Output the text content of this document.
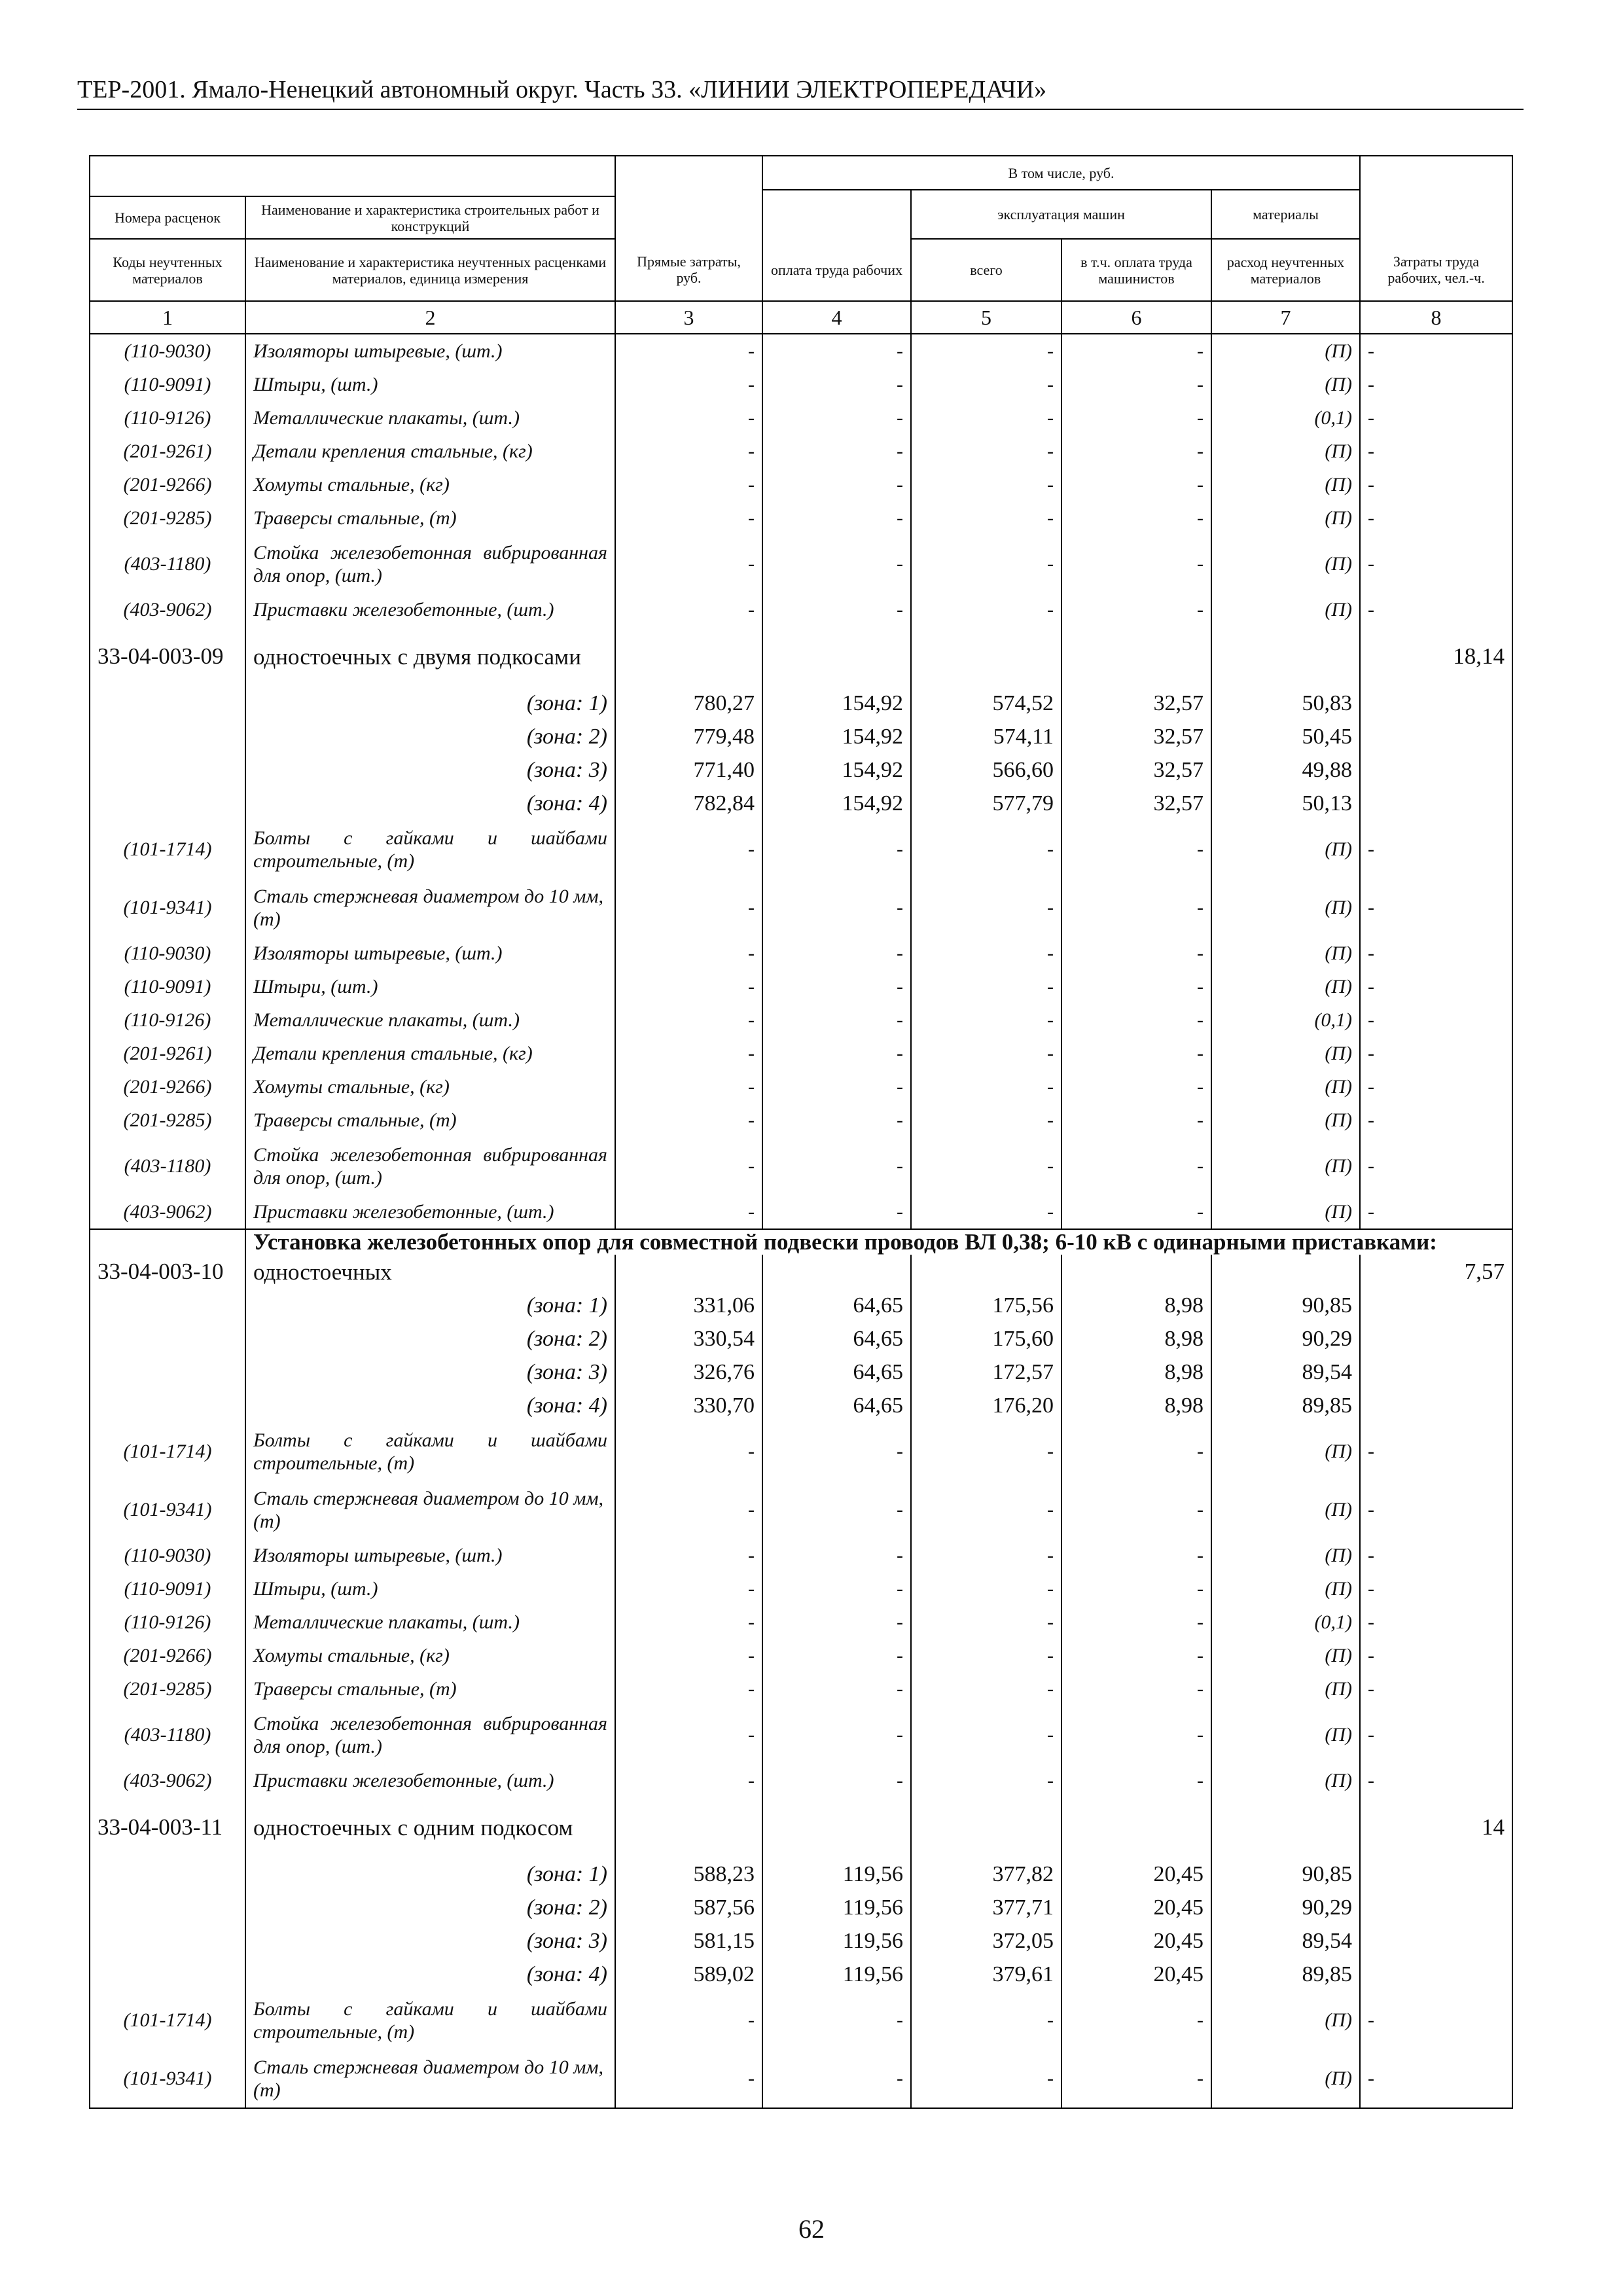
ТЕР-2001. Ямало-Ненецкий автономный округ. Часть 33. «ЛИНИИ ЭЛЕКТРОПЕРЕДАЧИ»
			В том числе, руб.				
				эксплуатация машин		материалы	
Номера расценок	Наименование и характеристика строительных работ и конструкций						

Коды неучтенных материалов	Наименование и характеристика неучтенных расценками материалов, единица измерения	Прямые затраты, руб.	оплата труда рабочих	всего	в т.ч. оплата труда машинистов	расход неучтенных материалов	Затраты труда рабочих, чел.-ч.
1	2	3	4	5	6	7	8
(110-9030)	Изоляторы штыревые, (шт.)	-	-	-	-	(П)	-
(110-9091)	Штыри, (шт.)	-	-	-	-	(П)	-
(110-9126)	Металлические плакаты, (шт.)	-	-	-	-	(0,1)	-
(201-9261)	Детали крепления стальные, (кг)	-	-	-	-	(П)	-
(201-9266)	Хомуты стальные, (кг)	-	-	-	-	(П)	-
(201-9285)	Траверсы стальные, (т)	-	-	-	-	(П)	-
(403-1180)	Стойка железобетонная вибрированная для опор, (шт.)	-	-	-	-	(П)	-
(403-9062)	Приставки железобетонные, (шт.)	-	-	-	-	(П)	-
33-04-003-09	одностоечных с двумя подкосами						18,14
	(зона: 1)	780,27	154,92	574,52	32,57	50,83	
	(зона: 2)	779,48	154,92	574,11	32,57	50,45	
	(зона: 3)	771,40	154,92	566,60	32,57	49,88	
	(зона: 4)	782,84	154,92	577,79	32,57	50,13	
(101-1714)	Болты с гайками и шайбами строительные, (т)	-	-	-	-	(П)	-
(101-9341)	Сталь стержневая диаметром до 10 мм, (т)	-	-	-	-	(П)	-
(110-9030)	Изоляторы штыревые, (шт.)	-	-	-	-	(П)	-
(110-9091)	Штыри, (шт.)	-	-	-	-	(П)	-
(110-9126)	Металлические плакаты, (шт.)	-	-	-	-	(0,1)	-
(201-9261)	Детали крепления стальные, (кг)	-	-	-	-	(П)	-
(201-9266)	Хомуты стальные, (кг)	-	-	-	-	(П)	-
(201-9285)	Траверсы стальные, (т)	-	-	-	-	(П)	-
(403-1180)	Стойка железобетонная вибрированная для опор, (шт.)	-	-	-	-	(П)	-
(403-9062)	Приставки железобетонные, (шт.)	-	-	-	-	(П)	-
	Установка железобетонных опор для совместной подвески проводов ВЛ 0,38; 6-10 кВ с одинарными приставками:						
33-04-003-10	одностоечных						7,57
	(зона: 1)	331,06	64,65	175,56	8,98	90,85	
	(зона: 2)	330,54	64,65	175,60	8,98	90,29	
	(зона: 3)	326,76	64,65	172,57	8,98	89,54	
	(зона: 4)	330,70	64,65	176,20	8,98	89,85	
(101-1714)	Болты с гайками и шайбами строительные, (т)	-	-	-	-	(П)	-
(101-9341)	Сталь стержневая диаметром до 10 мм, (т)	-	-	-	-	(П)	-
(110-9030)	Изоляторы штыревые, (шт.)	-	-	-	-	(П)	-
(110-9091)	Штыри, (шт.)	-	-	-	-	(П)	-
(110-9126)	Металлические плакаты, (шт.)	-	-	-	-	(0,1)	-
(201-9266)	Хомуты стальные, (кг)	-	-	-	-	(П)	-
(201-9285)	Траверсы стальные, (т)	-	-	-	-	(П)	-
(403-1180)	Стойка железобетонная вибрированная для опор, (шт.)	-	-	-	-	(П)	-
(403-9062)	Приставки железобетонные, (шт.)	-	-	-	-	(П)	-
33-04-003-11	одностоечных с одним подкосом						14
	(зона: 1)	588,23	119,56	377,82	20,45	90,85	
	(зона: 2)	587,56	119,56	377,71	20,45	90,29	
	(зона: 3)	581,15	119,56	372,05	20,45	89,54	
	(зона: 4)	589,02	119,56	379,61	20,45	89,85	
(101-1714)	Болты с гайками и шайбами строительные, (т)	-	-	-	-	(П)	-
(101-9341)	Сталь стержневая диаметром до 10 мм, (т)	-	-	-	-	(П)	-
62
